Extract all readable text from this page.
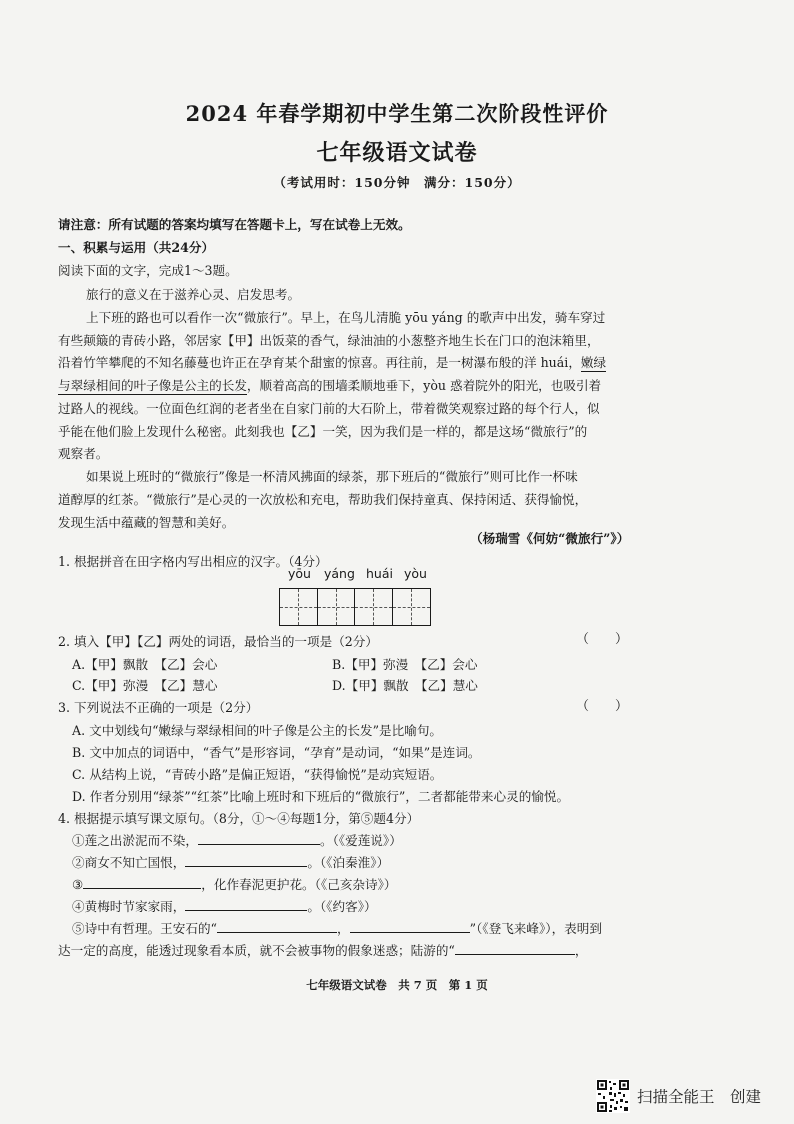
2024 年春学期初中学生第二次阶段性评价
七年级语文试卷
（考试用时：150分钟　满分：150分）
请注意：所有试题的答案均填写在答题卡上，写在试卷上无效。
一、积累与运用（共24分）
阅读下面的文字，完成1～3题。
旅行的意义在于滋养心灵、启发思考。
上下班的路也可以看作一次“微旅行”。早上，在鸟儿清脆 yōu yáng 的歌声中出发，骑车穿过
有些颠簸的青砖小路，邻居家【甲】出饭菜的香气，绿油油的小葱整齐地生长在门口的泡沫箱里，
沿着竹竿攀爬的不知名藤蔓也许正在孕育某个甜蜜的惊喜。再往前，是一树瀑布般的洋 huái，嫩绿
与翠绿相间的叶子像是公主的长发，顺着高高的围墙柔顺地垂下，yòu 惑着院外的阳光，也吸引着
过路人的视线。一位面色红润的老者坐在自家门前的大石阶上，带着微笑观察过路的每个行人，似
乎能在他们脸上发现什么秘密。此刻我也【乙】一笑，因为我们是一样的，都是这场“微旅行”的
观察者。
如果说上班时的“微旅行”像是一杯清风拂面的绿茶，那下班后的“微旅行”则可比作一杯味
道醇厚的红茶。“微旅行”是心灵的一次放松和充电，帮助我们保持童真、保持闲适、获得愉悦，
发现生活中蕴藏的智慧和美好。
（杨瑞雪《何妨“微旅行”》）
1. 根据拼音在田字格内写出相应的汉字。（4分）
yōu yáng huái yòu
2. 填入【甲】【乙】两处的词语，最恰当的一项是（2分）	（　　）
A.【甲】飘散　【乙】会心	B.【甲】弥漫　【乙】会心
C.【甲】弥漫　【乙】慧心	D.【甲】飘散　【乙】慧心
3. 下列说法不正确的一项是（2分）	（　　）
A. 文中划线句“嫩绿与翠绿相间的叶子像是公主的长发”是比喻句。
B. 文中加点的词语中，“香气”是形容词，“孕育”是动词，“如果”是连词。
C. 从结构上说，“青砖小路”是偏正短语，“获得愉悦”是动宾短语。
D. 作者分别用“绿茶”“红茶”比喻上班时和下班后的“微旅行”，二者都能带来心灵的愉悦。
4. 根据提示填写课文原句。（8分，①～④每题1分，第⑤题4分）
①莲之出淤泥而不染，	。（《爱莲说》）
②商女不知亡国恨，	。（《泊秦淮》）
③	，化作春泥更护花。（《己亥杂诗》）
④黄梅时节家家雨，	。（《约客》）
⑤诗中有哲理。王安石的“	，	”（《登飞来峰》），表明到
达一定的高度，能透过现象看本质，就不会被事物的假象迷惑；陆游的“	，
七年级语文试卷　共 7 页　第 1 页
扫描全能王　创建
